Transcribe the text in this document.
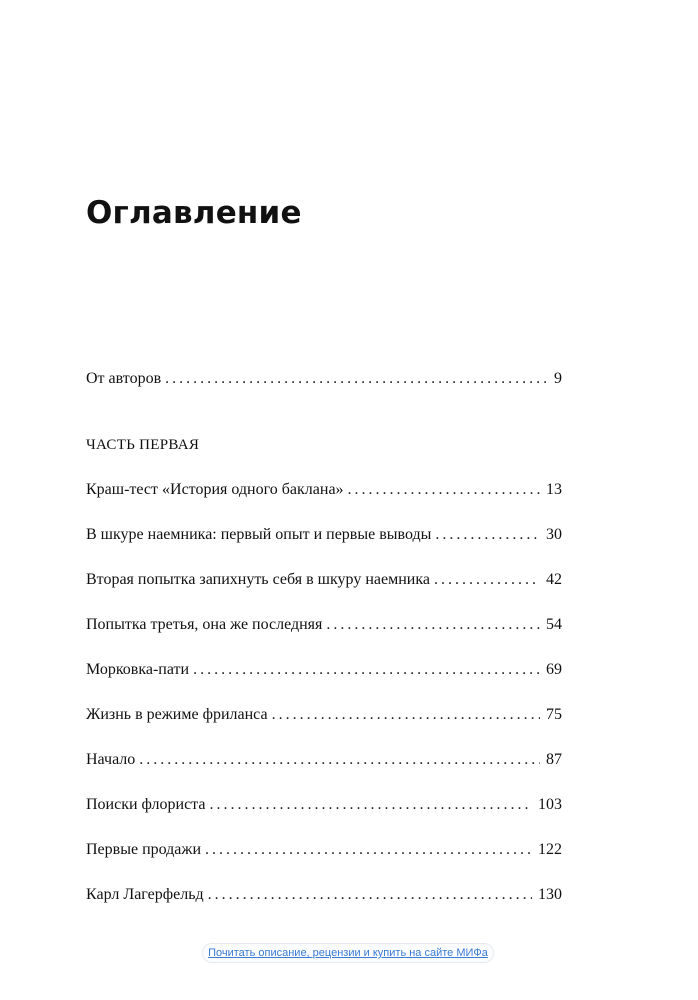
Оглавление
От авторов . . .	9
ЧАСТЬ ПЕРВАЯ
Краш-тест «История одного баклана» . . .	13
В шкуре наемника: первый опыт и первые выводы . . .	30
Вторая попытка запихнуть себя в шкуру наемника . . .	42
Попытка третья, она же последняя . . .	54
Морковка-пати . . .	69
Жизнь в режиме фриланса . . .	75
Начало . . .	87
Поиски флориста . . .	103
Первые продажи . . .	122
Карл Лагерфельд . . .	130
Почитать описание, рецензии и купить на сайте МИФа
